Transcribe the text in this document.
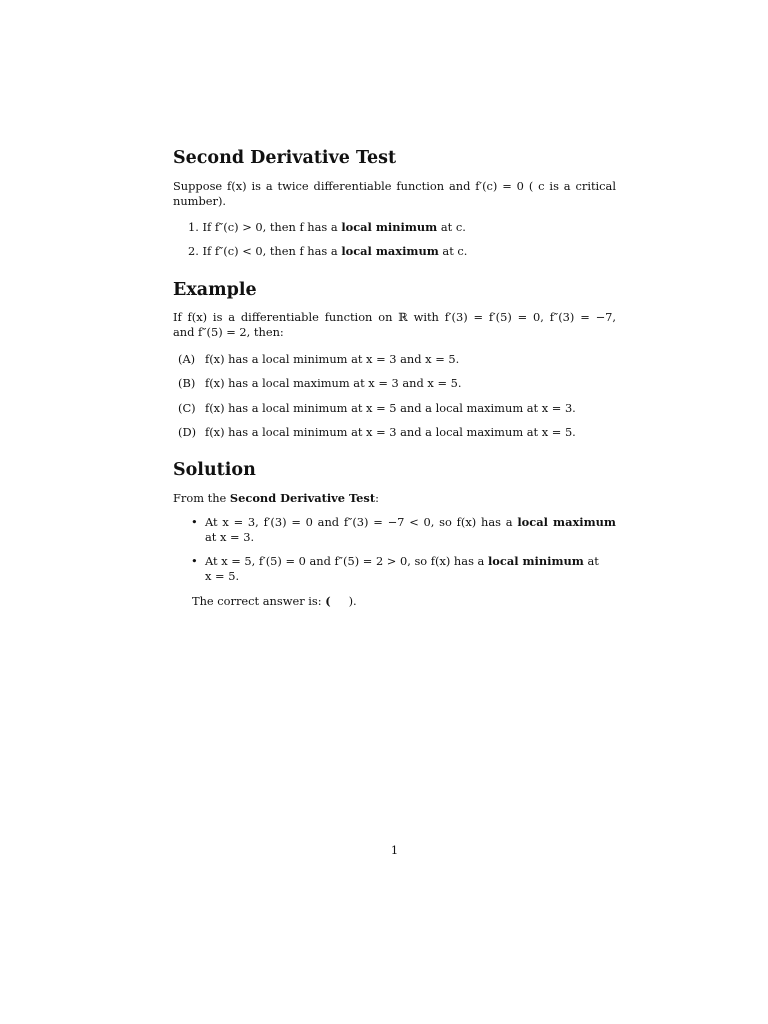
Second Derivative Test
Suppose f(x) is a twice differentiable function and f′(c) = 0 ( c is a critical
number).
1. If f″(c) > 0, then f has a local minimum at c.
2. If f″(c) < 0, then f has a local maximum at c.
Example
If f(x) is a differentiable function on ℝ with f′(3) = f′(5) = 0, f″(3) = −7,
and f″(5) = 2, then:
(A) f(x) has a local minimum at x = 3 and x = 5.
(B) f(x) has a local maximum at x = 3 and x = 5.
(C) f(x) has a local minimum at x = 5 and a local maximum at x = 3.
(D) f(x) has a local minimum at x = 3 and a local maximum at x = 5.
Solution
From the Second Derivative Test:
• At x = 3, f′(3) = 0 and f″(3) = −7 < 0, so f(x) has a local maximum
at x = 3.
• At x = 5, f′(5) = 0 and f″(5) = 2 > 0, so f(x) has a local minimum at
x = 5.
The correct answer is: ( ).
1
